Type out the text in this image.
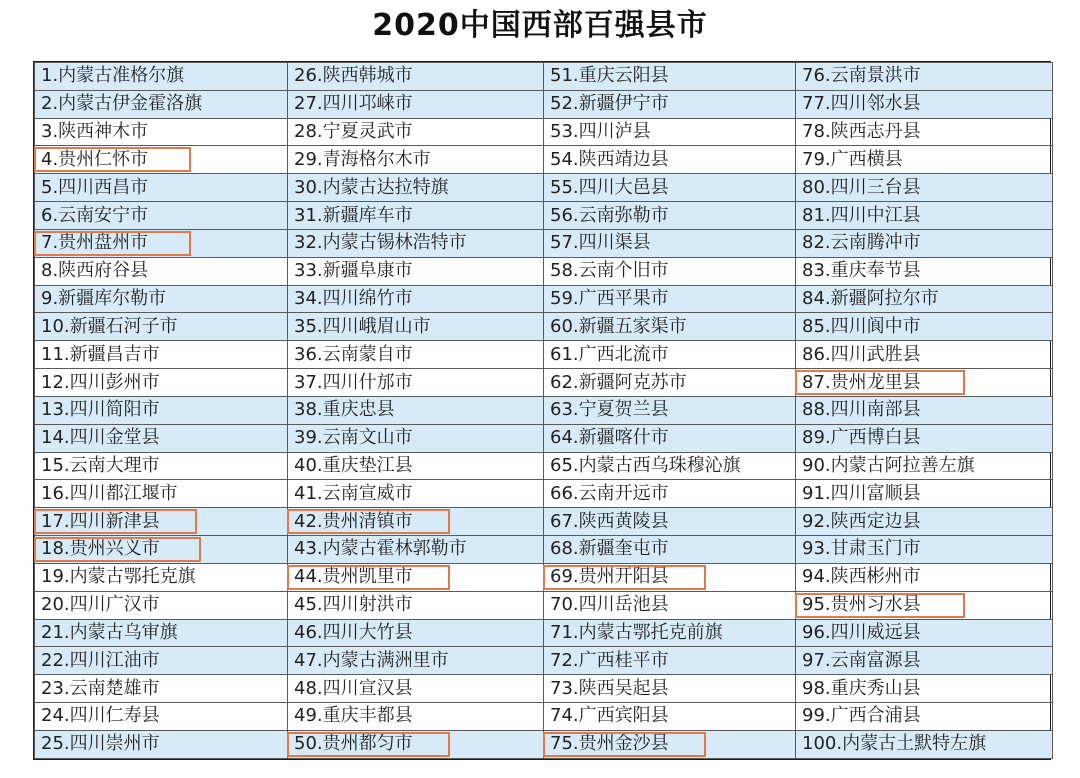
2020中国西部百强县市
1.内蒙古准格尔旗	26.陕西韩城市	51.重庆云阳县	76.云南景洪市
2.内蒙古伊金霍洛旗	27.四川邛崃市	52.新疆伊宁市	77.四川邻水县
3.陕西神木市	28.宁夏灵武市	53.四川泸县	78.陕西志丹县
4.贵州仁怀市	29.青海格尔木市	54.陕西靖边县	79.广西横县
5.四川西昌市	30.内蒙古达拉特旗	55.四川大邑县	80.四川三台县
6.云南安宁市	31.新疆库车市	56.云南弥勒市	81.四川中江县
7.贵州盘州市	32.内蒙古锡林浩特市	57.四川渠县	82.云南腾冲市
8.陕西府谷县	33.新疆阜康市	58.云南个旧市	83.重庆奉节县
9.新疆库尔勒市	34.四川绵竹市	59.广西平果市	84.新疆阿拉尔市
10.新疆石河子市	35.四川峨眉山市	60.新疆五家渠市	85.四川阆中市
11.新疆昌吉市	36.云南蒙自市	61.广西北流市	86.四川武胜县
12.四川彭州市	37.四川什邡市	62.新疆阿克苏市	87.贵州龙里县

13.四川简阳市	38.重庆忠县	63.宁夏贺兰县	88.四川南部县
14.四川金堂县	39.云南文山市	64.新疆喀什市	89.广西博白县
15.云南大理市	40.重庆垫江县	65.内蒙古西乌珠穆沁旗	90.内蒙古阿拉善左旗
16.四川都江堰市	41.云南宣威市	66.云南开远市	91.四川富顺县
17.四川新津县	42.贵州清镇市	67.陕西黄陵县	92.陕西定边县
18.贵州兴义市	43.内蒙古霍林郭勒市	68.新疆奎屯市	93.甘肃玉门市
19.内蒙古鄂托克旗	44.贵州凯里市	69.贵州开阳县	94.陕西彬州市
20.四川广汉市	45.四川射洪市	70.四川岳池县	95.贵州习水县

21.内蒙古乌审旗	46.四川大竹县	71.内蒙古鄂托克前旗	96.四川威远县
22.四川江油市	47.内蒙古满洲里市	72.广西桂平市	97.云南富源县
23.云南楚雄市	48.四川宣汉县	73.陕西吴起县	98.重庆秀山县
24.四川仁寿县	49.重庆丰都县	74.广西宾阳县	99.广西合浦县
25.四川崇州市	50.贵州都匀市	75.贵州金沙县	100.内蒙古土默特左旗
